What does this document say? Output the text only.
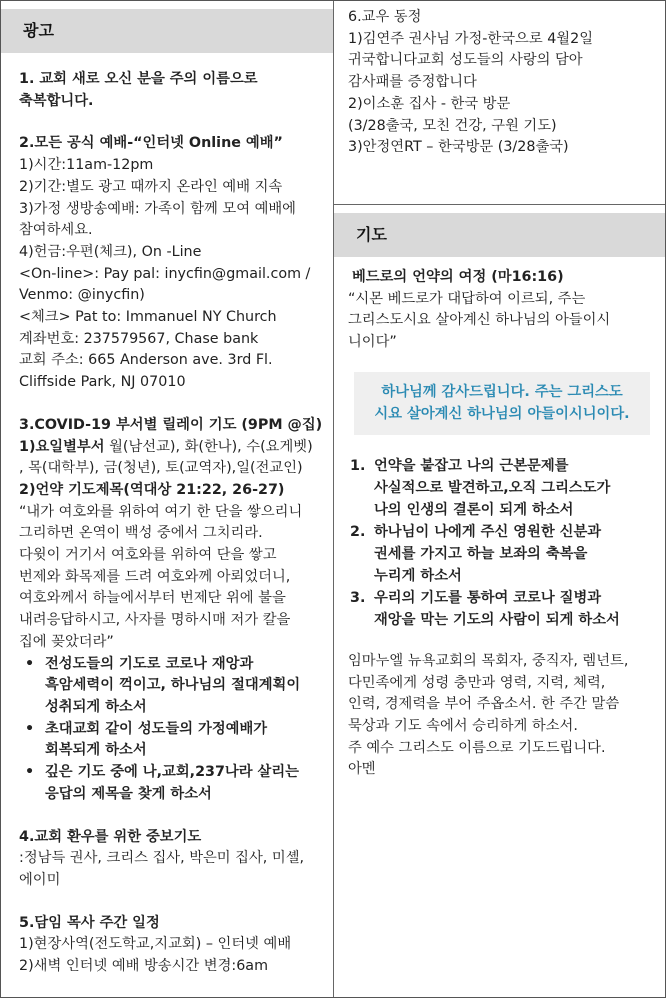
광고
1. 교회 새로 오신 분을 주의 이름으로
축복합니다.
2.모든 공식 예배-“인터넷 Online 예배”
1)시간:11am-12pm
2)기간:별도 광고 때까지 온라인 예배 지속
3)가정 생방송예배: 가족이 함께 모여 예배에
참여하세요.
4)헌금:우편(체크), On -Line
<On-line>: Pay pal: inycfin@gmail.com /
Venmo: @inycfin)
<체크> Pat to: Immanuel NY Church
계좌번호: 237579567, Chase bank
교회 주소: 665 Anderson ave. 3rd Fl.
Cliffside Park, NJ 07010
3.COVID-19 부서별 릴레이 기도 (9PM @집)
1)요일별부서 월(남선교), 화(한나), 수(요게벳)
, 목(대학부), 금(청년), 토(교역자),일(전교인)
2)언약 기도제목(역대상 21:22, 26-27)
“내가 여호와를 위하여 여기 한 단을 쌓으리니
그리하면 온역이 백성 중에서 그치리라.
다윗이 거기서 여호와를 위하여 단을 쌓고
번제와 화목제를 드려 여호와께 아뢰었더니,
여호와께서 하늘에서부터 번제단 위에 불을
내려응답하시고, 사자를 명하시매 저가 칼을
집에 꽂았더라”
• 전성도들의 기도로 코로나 재앙과
흑암세력이 꺽이고, 하나님의 절대계획이
성취되게 하소서
• 초대교회 같이 성도들의 가정예배가
회복되게 하소서
• 깊은 기도 중에 나,교회,237나라 살리는
응답의 제목을 찾게 하소서
4.교회 환우를 위한 중보기도
:정남득 권사, 크리스 집사, 박은미 집사, 미셸,
에이미
5.담임 목사 주간 일정
1)현장사역(전도학교,지교회) – 인터넷 예배
2)새벽 인터넷 예배 방송시간 변경:6am
6.교우 동정
1)김연주 권사님 가정-한국으로 4월2일
귀국합니다교회 성도들의 사랑의 담아
감사패를 증정합니다
2)이소훈 집사 - 한국 방문
(3/28출국, 모친 건강, 구원 기도)
3)안정연RT – 한국방문 (3/28출국)
기도
베드로의 언약의 여정 (마16:16)
“시몬 베드로가 대답하여 이르되, 주는
그리스도시요 살아계신 하나님의 아들이시
니이다”
하나님께 감사드립니다. 주는 그리스도
시요 살아계신 하나님의 아들이시니이다.
1. 언약을 붙잡고 나의 근본문제를
사실적으로 발견하고,오직 그리스도가
나의 인생의 결론이 되게 하소서
2. 하나님이 나에게 주신 영원한 신분과
권세를 가지고 하늘 보좌의 축복을
누리게 하소서
3. 우리의 기도를 통하여 코로나 질병과
재앙을 막는 기도의 사람이 되게 하소서
임마누엘 뉴욕교회의 목회자, 중직자, 렘넌트,
다민족에게 성령 충만과 영력, 지력, 체력,
인력, 경제력을 부어 주옵소서. 한 주간 말씀
묵상과 기도 속에서 승리하게 하소서.
주 예수 그리스도 이름으로 기도드립니다.
아멘
